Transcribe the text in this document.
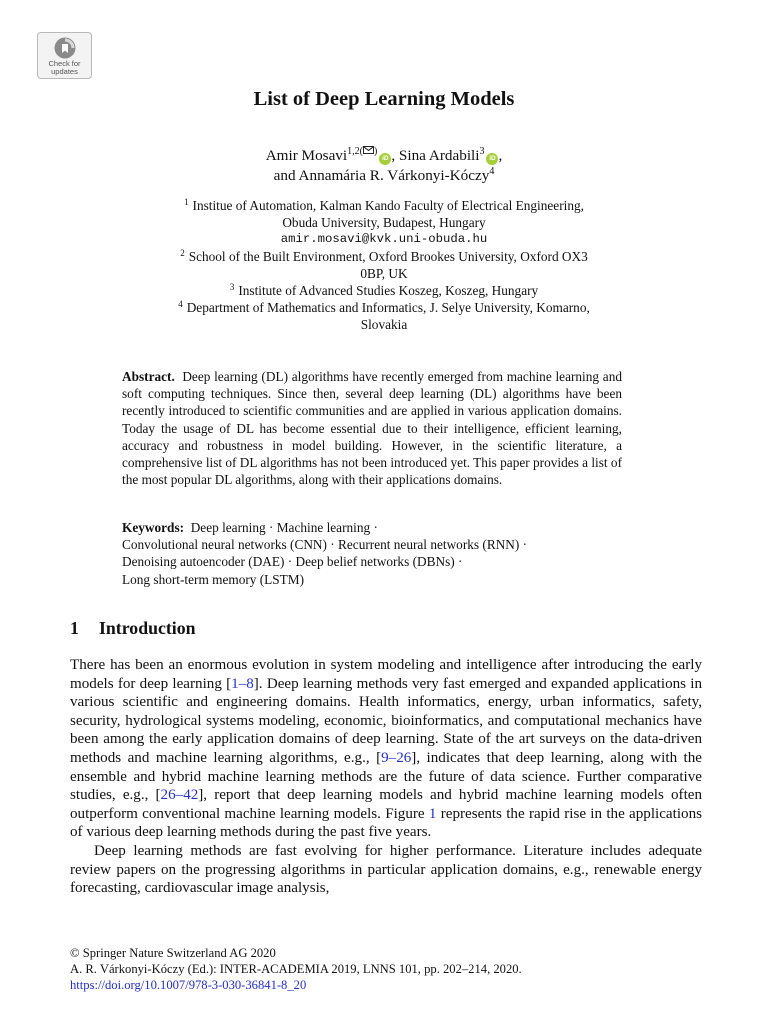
Check for
updates
List of Deep Learning Models
Amir Mosavi$^{1,2( )}$iD , Sina Ardabili$^3$iD ,
and Annamária R. Várkonyi-Kóczy$^4$
$^1$ Institue of Automation, Kalman Kando Faculty of Electrical Engineering,
Obuda University, Budapest, Hungary
amir.mosavi@kvk.uni-obuda.hu
$^2$ School of the Built Environment, Oxford Brookes University, Oxford OX3
0BP, UK
$^3$ Institute of Advanced Studies Koszeg, Koszeg, Hungary
$^4$ Department of Mathematics and Informatics, J. Selye University, Komarno,
Slovakia
Abstract. Deep learning (DL) algorithms have recently emerged from machine learning and soft computing techniques. Since then, several deep learning (DL) algorithms have been recently introduced to scientific communities and are applied in various application domains. Today the usage of DL has become essential due to their intelligence, efficient learning, accuracy and robustness in model building. However, in the scientific literature, a comprehensive list of DL algorithms has not been introduced yet. This paper provides a list of the most popular DL algorithms, along with their applications domains.
Keywords: Deep learning · Machine learning ·
Convolutional neural networks (CNN) · Recurrent neural networks (RNN) ·
Denoising autoencoder (DAE) · Deep belief networks (DBNs) ·
Long short-term memory (LSTM)
1 Introduction

There has been an enormous evolution in system modeling and intelligence after introducing the early models for deep learning [1–8]. Deep learning methods very fast emerged and expanded applications in various scientific and engineering domains. Health informatics, energy, urban informatics, safety, security, hydrological systems modeling, economic, bioinformatics, and computational mechanics have been among the early application domains of deep learning. State of the art surveys on the data-driven methods and machine learning algorithms, e.g., [9–26], indicates that deep learning, along with the ensemble and hybrid machine learning methods are the future of data science. Further comparative studies, e.g., [26–42], report that deep learning models and hybrid machine learning models often outperform conventional machine learning models. Figure 1 represents the rapid rise in the applications of various deep learning methods during the past five years.

Deep learning methods are fast evolving for higher performance. Literature includes adequate review papers on the progressing algorithms in particular application domains, e.g., renewable energy forecasting, cardiovascular image analysis,

© Springer Nature Switzerland AG 2020
A. R. Várkonyi-Kóczy (Ed.): INTER-ACADEMIA 2019, LNNS 101, pp. 202–214, 2020.
https://doi.org/10.1007/978-3-030-36841-8_20
